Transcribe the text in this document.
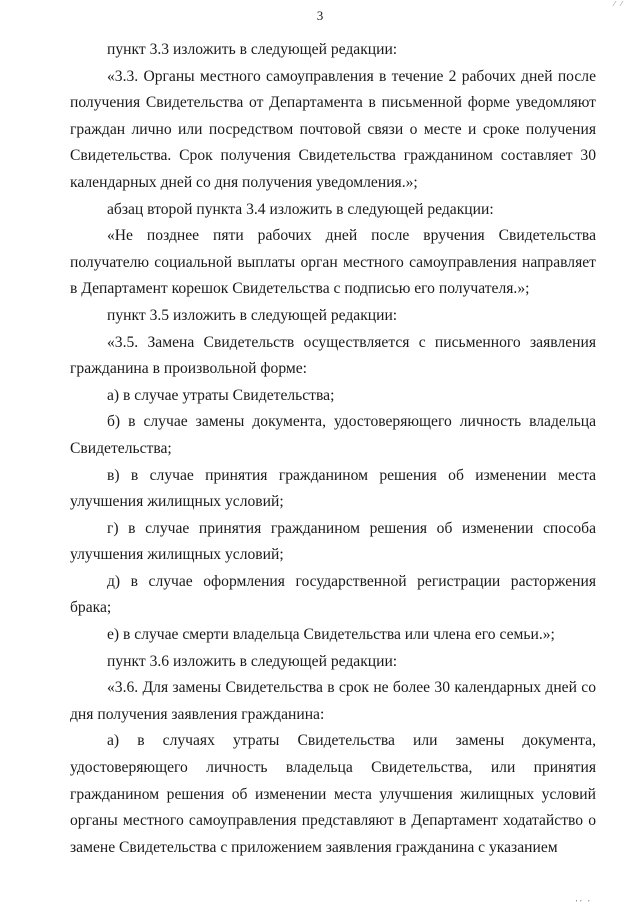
⁄ ⁄
3

пункт 3.3 изложить в следующей редакции:

«3.3. Органы местного самоуправления в течение 2 рабочих дней после получения Свидетельства от Департамента в письменной форме уведомляют граждан лично или посредством почтовой связи о месте и сроке получения Свидетельства. Срок получения Свидетельства гражданином составляет 30 календарных дней со дня получения уведомления.»;

абзац второй пункта 3.4 изложить в следующей редакции:

«Не позднее пяти рабочих дней после вручения Свидетельства получателю социальной выплаты орган местного самоуправления направляет в Департамент корешок Свидетельства с подписью его получателя.»;

пункт 3.5 изложить в следующей редакции:

«3.5. Замена Свидетельств осуществляется с письменного заявления гражданина в произвольной форме:

а) в случае утраты Свидетельства;

б) в случае замены документа, удостоверяющего личность владельца Свидетельства;

в) в случае принятия гражданином решения об изменении места улучшения жилищных условий;

г) в случае принятия гражданином решения об изменении способа улучшения жилищных условий;

д) в случае оформления государственной регистрации расторжения брака;

е) в случае смерти владельца Свидетельства или члена его семьи.»;

пункт 3.6 изложить в следующей редакции:

«3.6. Для замены Свидетельства в срок не более 30 календарных дней со дня получения заявления гражданина:

а) в случаях утраты Свидетельства или замены документа, удостоверяющего личность владельца Свидетельства, или принятия гражданином решения об изменении места улучшения жилищных условий органы местного самоуправления представляют в Департамент ходатайство о замене Свидетельства с приложением заявления гражданина с указанием

‚‚ ‚
